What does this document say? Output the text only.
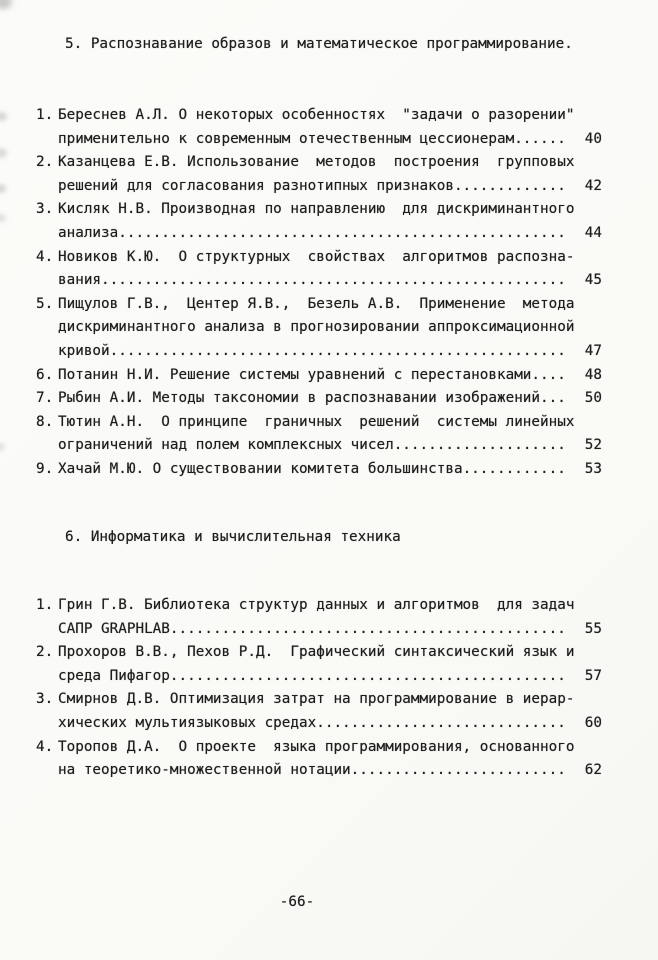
5. Распознавание образов и математическое программирование.
1. Береснев А.Л. О некоторых особенностях  "задачи о разорении"
применительно к современным отечественным цессионерам .....	40
2. Казанцева Е.В. Использование  методов  построения  групповых
решений для согласования разнотипных признаков .....	42
3. Кисляк Н.В. Производная по направлению  для дискриминантного
анализа .....	44
4. Новиков К.Ю.  О структурных  свойствах  алгоритмов распозна-
вания .....	45
5. Пищулов Г.В.,  Центер Я.В.,  Безель А.В.  Применение  метода
дискриминантного анализа в прогнозировании аппроксимационной
кривой .....	47
6. Потанин Н.И. Решение системы уравнений с перестановками .....	48
7. Рыбин А.И. Методы таксономии в распознавании изображений .....	50
8. Тютин А.Н.  О принципе  граничных  решений  системы линейных
ограничений над полем комплексных чисел .....	52
9. Хачай М.Ю. О существовании комитета большинства .....	53
6. Информатика и вычислительная техника
1. Грин Г.В. Библиотека структур данных и алгоритмов  для задач
САПР GRAPHLAB .....	55
2. Прохоров В.В., Пехов Р.Д.  Графический синтаксический язык и
среда Пифагор .....	57
3. Смирнов Д.В. Оптимизация затрат на программирование в иерар-
хических мультиязыковых средах .....	60
4. Торопов Д.А.  О проекте  языка программирования, основанного
на теоретико-множественной нотации .....	62
-66-
